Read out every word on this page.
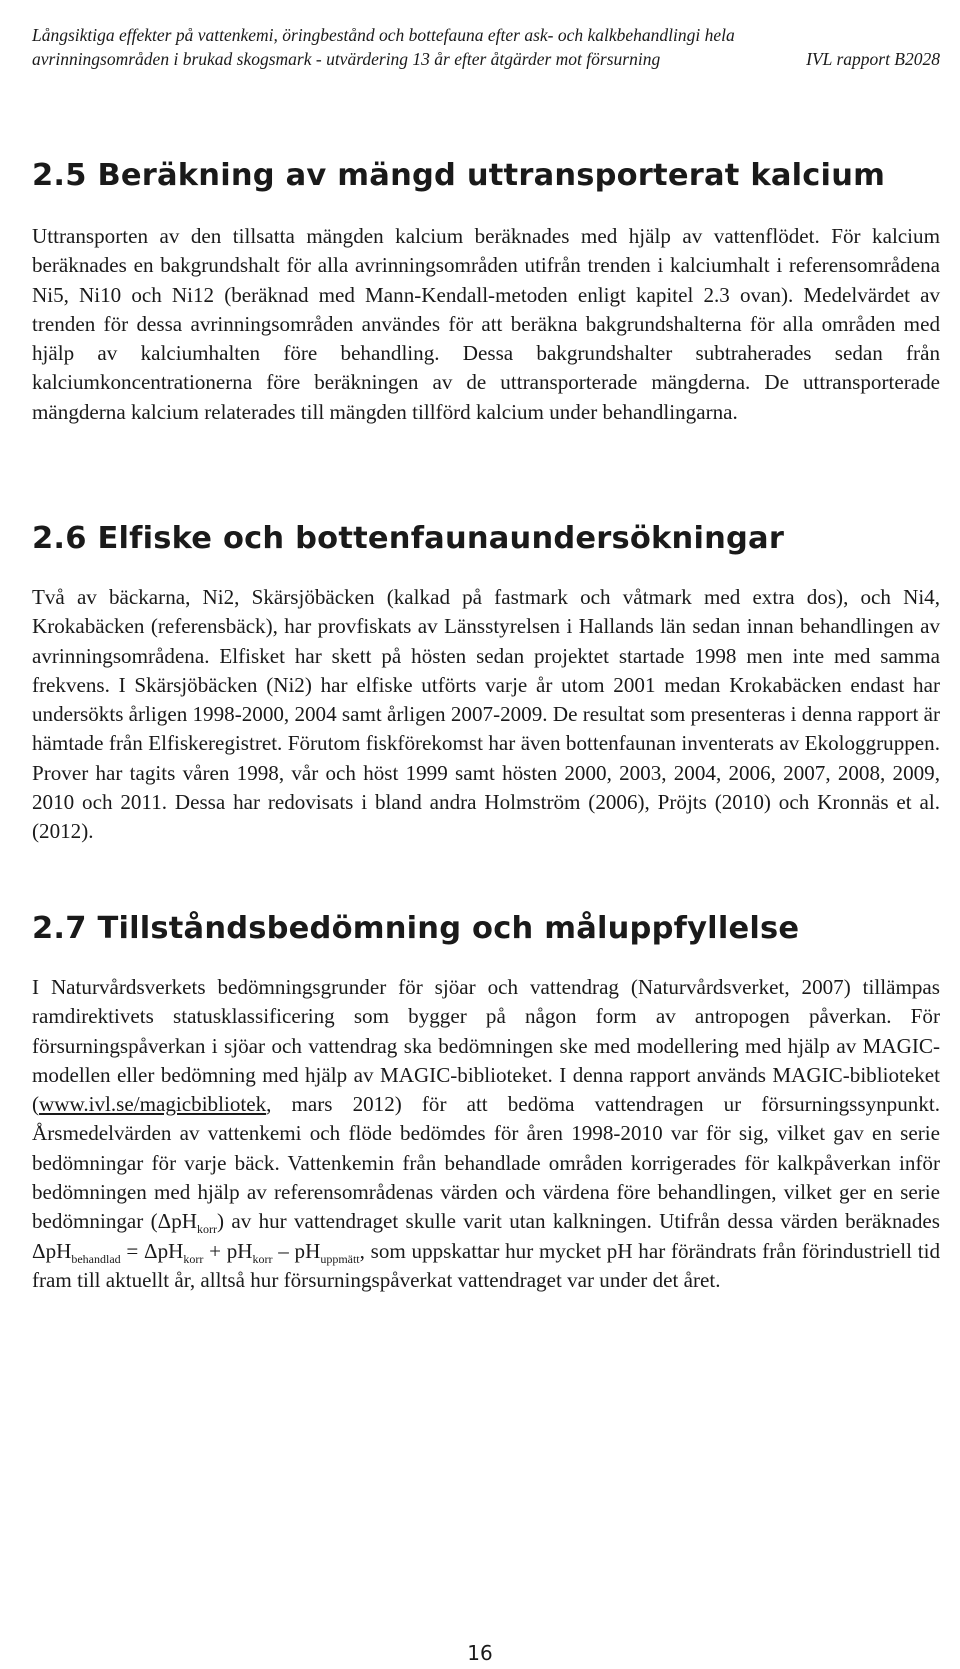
Långsiktiga effekter på vattenkemi, öringbestånd och bottefauna efter ask- och kalkbehandlingi hela
avrinningsområden i brukad skogsmark - utvärdering 13 år efter åtgärder mot försurning	IVL rapport B2028
2.5 Beräkning av mängd uttransporterat kalcium

Uttransporten av den tillsatta mängden kalcium beräknades med hjälp av vattenflödet. För kalcium beräknades en bakgrundshalt för alla avrinningsområden utifrån trenden i kalciumhalt i referensområdena Ni5, Ni10 och Ni12 (beräknad med Mann-Kendall-metoden enligt kapitel 2.3 ovan). Medelvärdet av trenden för dessa avrinningsområden användes för att beräkna bakgrundshalterna för alla områden med hjälp av kalciumhalten före behandling. Dessa bakgrundshalter subtraherades sedan från kalciumkoncentrationerna före beräkningen av de uttransporterade mängderna. De uttransporterade mängderna kalcium relaterades till mängden tillförd kalcium under behandlingarna.

2.6 Elfiske och bottenfaunaundersökningar

Två av bäckarna, Ni2, Skärsjöbäcken (kalkad på fastmark och våtmark med extra dos), och Ni4, Krokabäcken (referensbäck), har provfiskats av Länsstyrelsen i Hallands län sedan innan behandlingen av avrinningsområdena. Elfisket har skett på hösten sedan projektet startade 1998 men inte med samma frekvens. I Skärsjöbäcken (Ni2) har elfiske utförts varje år utom 2001 medan Krokabäcken endast har undersökts årligen 1998-2000, 2004 samt årligen 2007-2009. De resultat som presenteras i denna rapport är hämtade från Elfiskeregistret. Förutom fiskförekomst har även bottenfaunan inventerats av Ekologgruppen. Prover har tagits våren 1998, vår och höst 1999 samt hösten 2000, 2003, 2004, 2006, 2007, 2008, 2009, 2010 och 2011. Dessa har redovisats i bland andra Holmström (2006), Pröjts (2010) och Kronnäs et al. (2012).

2.7 Tillståndsbedömning och måluppfyllelse

I Naturvårdsverkets bedömningsgrunder för sjöar och vattendrag (Naturvårdsverket, 2007) tillämpas ramdirektivets statusklassificering som bygger på någon form av antropogen påverkan. För försurningspåverkan i sjöar och vattendrag ska bedömningen ske med modellering med hjälp av MAGIC-modellen eller bedömning med hjälp av MAGIC-biblioteket. I denna rapport används MAGIC-biblioteket (www.ivl.se/magicbibliotek, mars 2012) för att bedöma vattendragen ur försurningssynpunkt. Årsmedelvärden av vattenkemi och flöde bedömdes för åren 1998-2010 var för sig, vilket gav en serie bedömningar för varje bäck. Vattenkemin från behandlade områden korrigerades för kalkpåverkan inför bedömningen med hjälp av referensområdenas värden och värdena före behandlingen, vilket ger en serie bedömningar (ΔpH$_{korr}$) av hur vattendraget skulle varit utan kalkningen. Utifrån dessa värden beräknades $\Delta pH_{behandlad} = \Delta pH_{korr} + pH_{korr} - pH_{uppmätt}$, som uppskattar hur mycket pH har förändrats från förindustriell tid fram till aktuellt år, alltså hur försurningspåverkat vattendraget var under det året.

16
